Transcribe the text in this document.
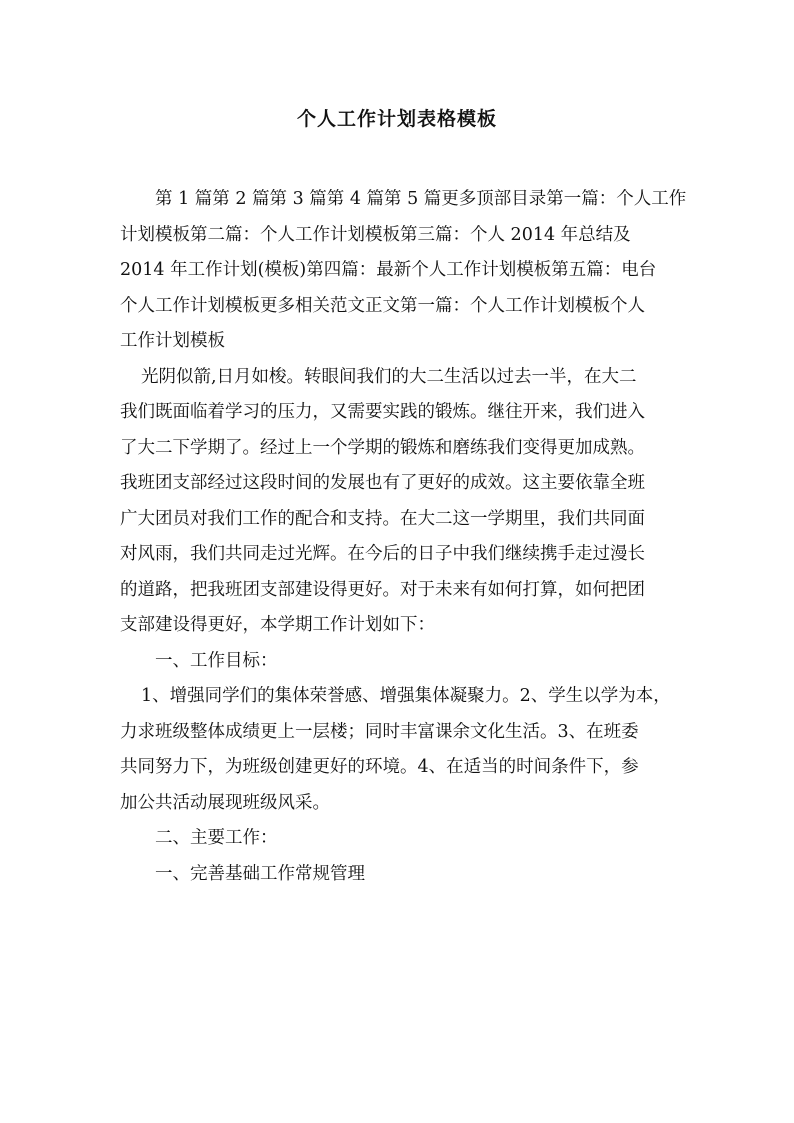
个人工作计划表格模板

第 1 篇第 2 篇第 3 篇第 4 篇第 5 篇更多顶部目录第一篇：个人工作
计划模板第二篇：个人工作计划模板第三篇：个人 2014 年总结及
2014 年工作计划(模板)第四篇：最新个人工作计划模板第五篇：电台
个人工作计划模板更多相关范文正文第一篇：个人工作计划模板个人
工作计划模板

光阴似箭,日月如梭。转眼间我们的大二生活以过去一半，在大二
我们既面临着学习的压力，又需要实践的锻炼。继往开来，我们进入
了大二下学期了。经过上一个学期的锻炼和磨练我们变得更加成熟。
我班团支部经过这段时间的发展也有了更好的成效。这主要依靠全班
广大团员对我们工作的配合和支持。在大二这一学期里，我们共同面
对风雨，我们共同走过光辉。在今后的日子中我们继续携手走过漫长
的道路，把我班团支部建设得更好。对于未来有如何打算，如何把团
支部建设得更好，本学期工作计划如下：

一、工作目标：

1、增强同学们的集体荣誉感、增强集体凝聚力。2、学生以学为本，
力求班级整体成绩更上一层楼；同时丰富课余文化生活。3、在班委
共同努力下，为班级创建更好的环境。4、在适当的时间条件下，参
加公共活动展现班级风采。

二、主要工作：

一、完善基础工作常规管理
